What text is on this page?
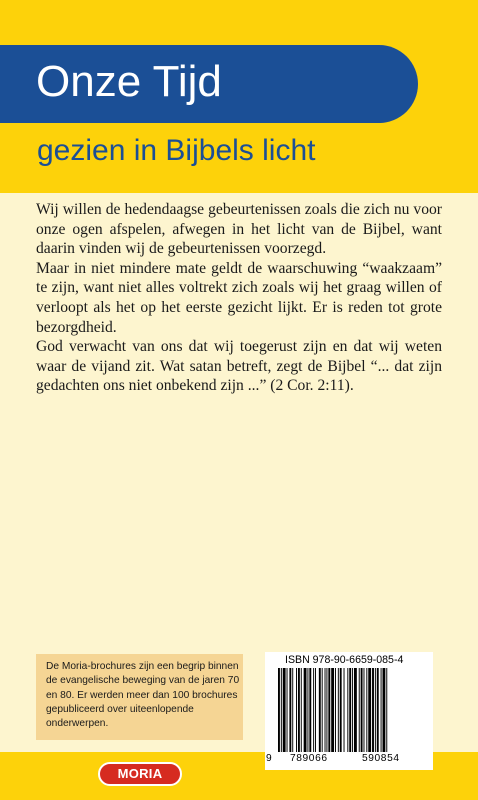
Onze Tijd
gezien in Bijbels licht

Wij willen de hedendaagse gebeurtenissen zoals die zich nu voor onze ogen afspelen, afwegen in het licht van de Bijbel, want daarin vinden wij de gebeurtenissen voorzegd.

Maar in niet mindere mate geldt de waarschuwing “waakzaam” te zijn, want niet alles voltrekt zich zoals wij het graag willen of verloopt als het op het eerste gezicht lijkt. Er is reden tot grote bezorgdheid.

God verwacht van ons dat wij toegerust zijn en dat wij weten waar de vijand zit. Wat satan betreft, zegt de Bijbel “... dat zijn gedachten ons niet onbekend zijn ...” (2 Cor. 2:11).

De Moria-brochures zijn een begrip binnen de evangelische beweging van de jaren 70 en 80. Er werden meer dan 100 brochures gepubliceerd over uiteenlopende onderwerpen.
ISBN 978-90-6659-085-4
9 789066	590854
MORIA
